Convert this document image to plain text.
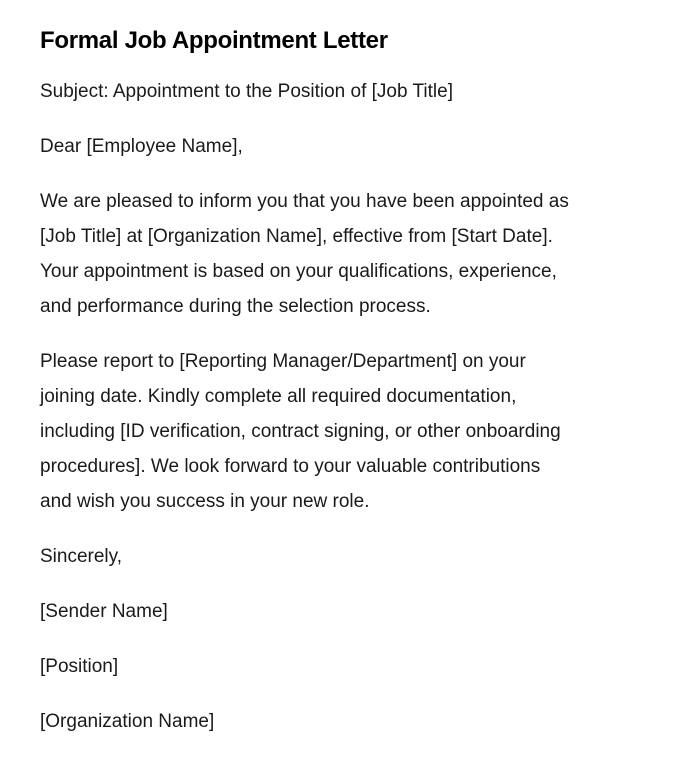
Formal Job Appointment Letter

Subject: Appointment to the Position of [Job Title]

Dear [Employee Name],

We are pleased to inform you that you have been appointed as
[Job Title] at [Organization Name], effective from [Start Date].
Your appointment is based on your qualifications, experience,
and performance during the selection process.

Please report to [Reporting Manager/Department] on your
joining date. Kindly complete all required documentation,
including [ID verification, contract signing, or other onboarding
procedures]. We look forward to your valuable contributions
and wish you success in your new role.

Sincerely,

[Sender Name]

[Position]

[Organization Name]
